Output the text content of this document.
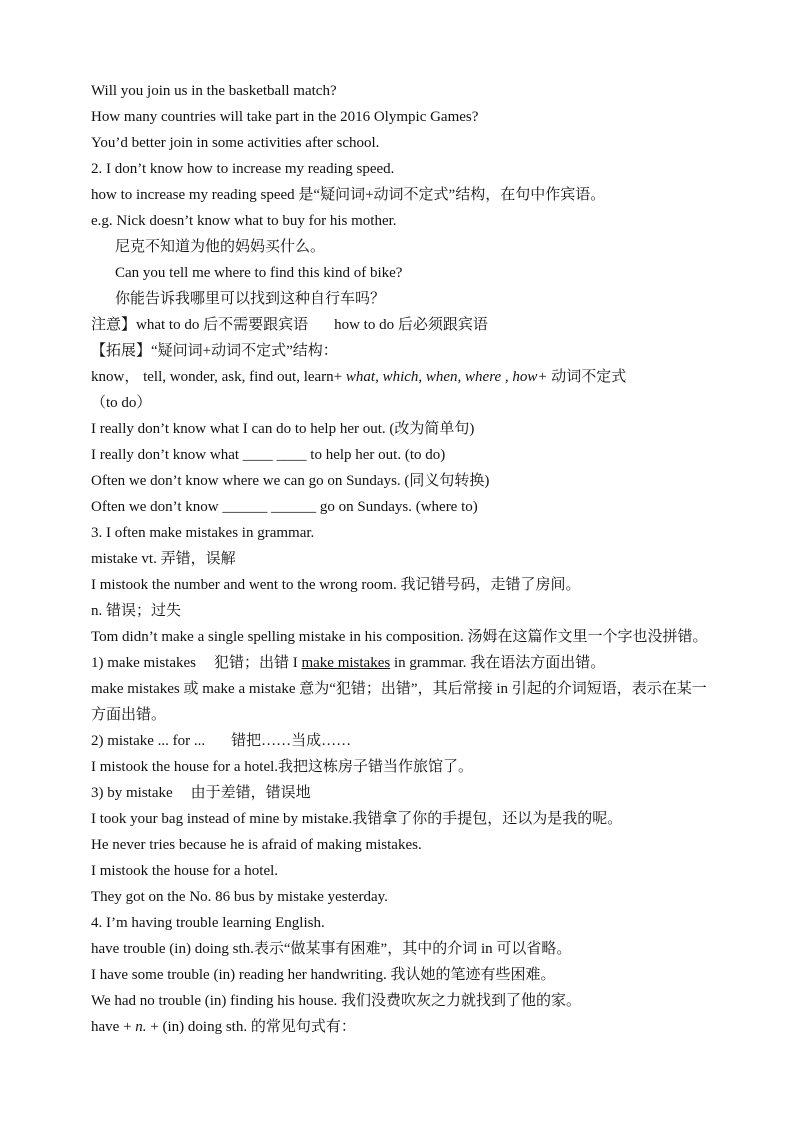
Will you join us in the basketball match?
How many countries will take part in the 2016 Olympic Games?
You’d better join in some activities after school.
2. I don’t know how to increase my reading speed.
how to increase my reading speed 是“疑问词+动词不定式”结构，在句中作宾语。
e.g. Nick doesn’t know what to buy for his mother.
尼克不知道为他的妈妈买什么。
Can you tell me where to find this kind of bike?
你能告诉我哪里可以找到这种自行车吗？
注意】what to do 后不需要跟宾语 how to do 后必须跟宾语
【拓展】“疑问词+动词不定式”结构：
know， tell, wonder, ask, find out, learn+ what, which, when, where , how+ 动词不定式
（to do）
I really don’t know what I can do to help her out. (改为简单句)
I really don’t know what ____ ____ to help her out. (to do)
Often we don’t know where we can go on Sundays. (同义句转换)
Often we don’t know ______ ______ go on Sundays. (where to)
3. I often make mistakes in grammar.
mistake vt. 弄错，误解
I mistook the number and went to the wrong room. 我记错号码，走错了房间。
n. 错误；过失
Tom didn’t make a single spelling mistake in his composition. 汤姆在这篇作文里一个字也没拼错。
1) make mistakes 犯错；出错 I make mistakes in grammar. 我在语法方面出错。
make mistakes 或 make a mistake 意为“犯错；出错”，其后常接 in 引起的介词短语，表示在某一方面出错。
2) mistake ... for ... 错把……当成……
I mistook the house for a hotel.我把这栋房子错当作旅馆了。
3) by mistake 由于差错，错误地
I took your bag instead of mine by mistake.我错拿了你的手提包，还以为是我的呢。
He never tries because he is afraid of making mistakes.
I mistook the house for a hotel.
They got on the No. 86 bus by mistake yesterday.
4. I’m having trouble learning English.
have trouble (in) doing sth.表示“做某事有困难”，其中的介词 in 可以省略。
I have some trouble (in) reading her handwriting. 我认她的笔迹有些困难。
We had no trouble (in) finding his house. 我们没费吹灰之力就找到了他的家。
have + n. + (in) doing sth. 的常见句式有：
